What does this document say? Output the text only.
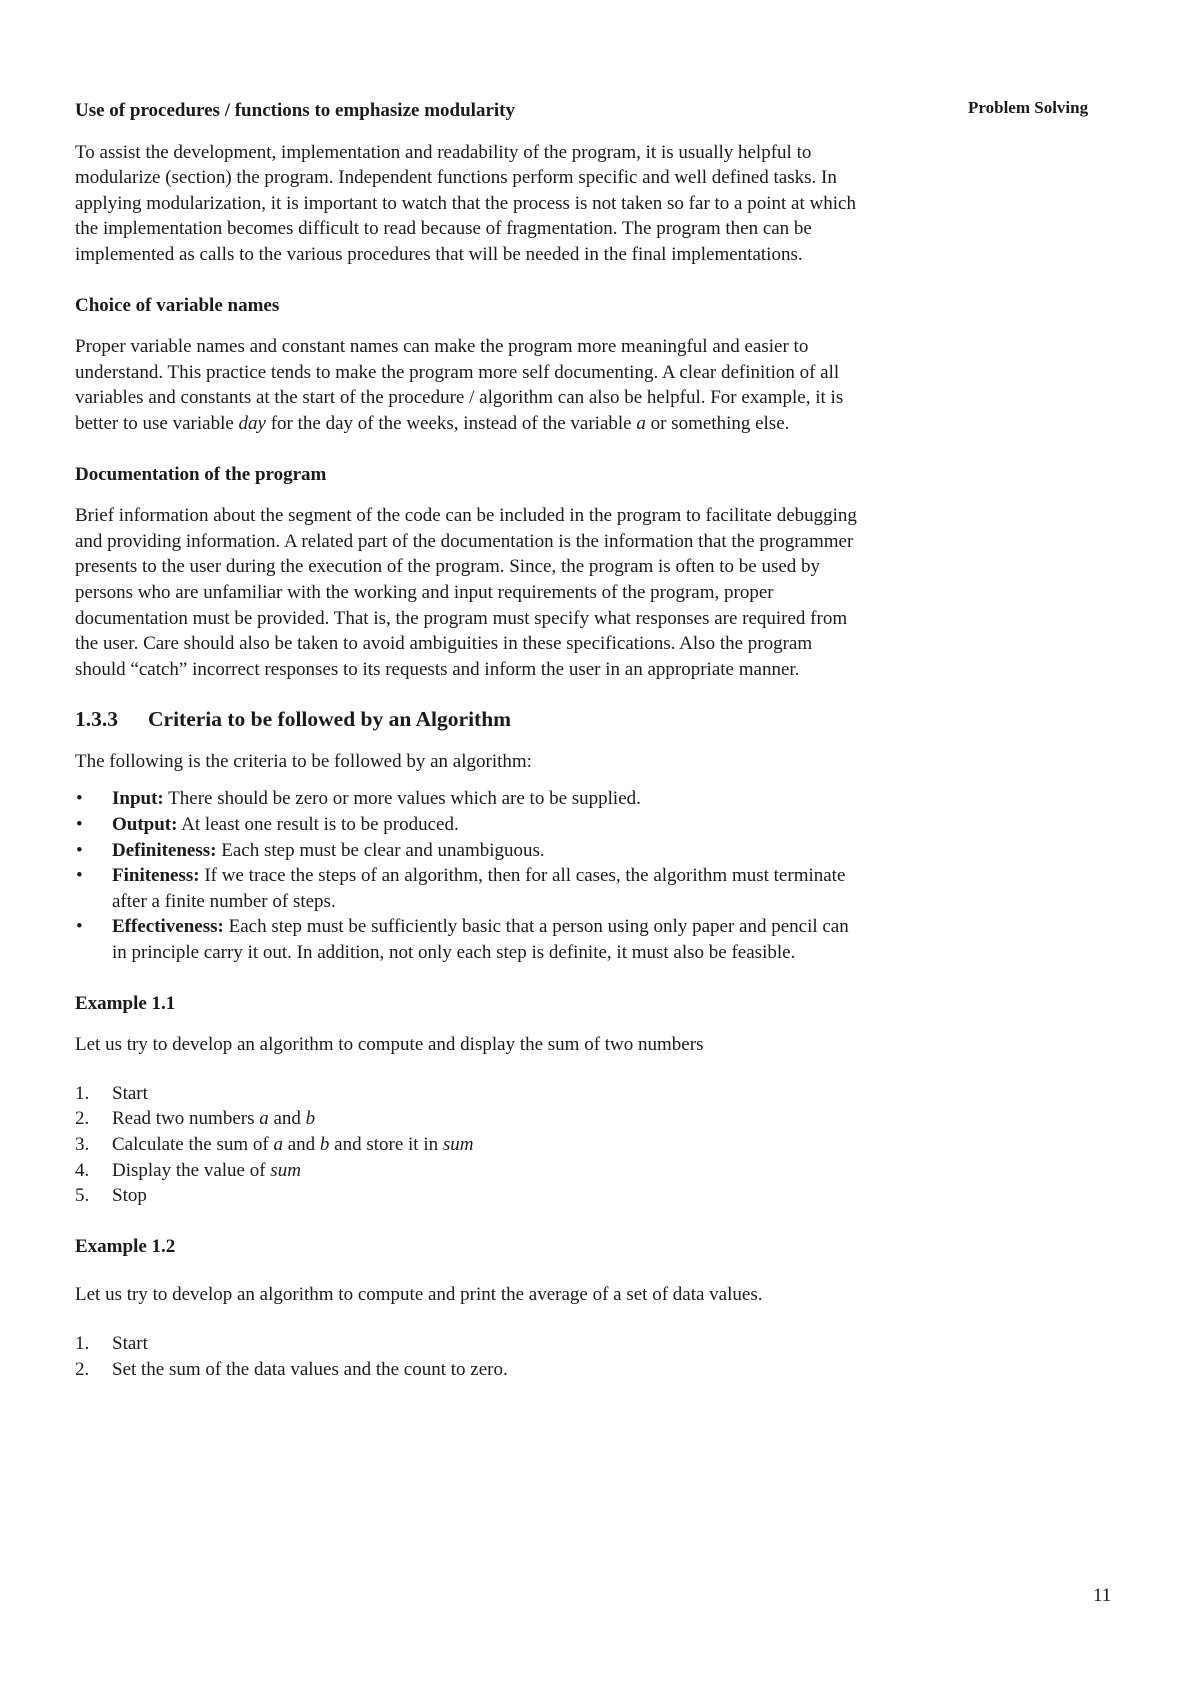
Problem Solving
Use of procedures / functions to emphasize modularity

To assist the development, implementation and readability of the program, it is usually helpful to modularize (section) the program. Independent functions perform specific and well defined tasks. In applying modularization, it is important to watch that the process is not taken so far to a point at which the implementation becomes difficult to read because of fragmentation. The program then can be implemented as calls to the various procedures that will be needed in the final implementations.

Choice of variable names

Proper variable names and constant names can make the program more meaningful and easier to understand. This practice tends to make the program more self documenting. A clear definition of all variables and constants at the start of the procedure / algorithm can also be helpful. For example, it is better to use variable day for the day of the weeks, instead of the variable a or something else.

Documentation of the program

Brief information about the segment of the code can be included in the program to facilitate debugging and providing information. A related part of the documentation is the information that the programmer presents to the user during the execution of the program. Since, the program is often to be used by persons who are unfamiliar with the working and input requirements of the program, proper documentation must be provided. That is, the program must specify what responses are required from the user. Care should also be taken to avoid ambiguities in these specifications. Also the program should “catch” incorrect responses to its requests and inform the user in an appropriate manner.

1.3.3 Criteria to be followed by an Algorithm

The following is the criteria to be followed by an algorithm:

• Input: There should be zero or more values which are to be supplied.
• Output: At least one result is to be produced.
• Definiteness: Each step must be clear and unambiguous.
• Finiteness: If we trace the steps of an algorithm, then for all cases, the algorithm must terminate after a finite number of steps.
• Effectiveness: Each step must be sufficiently basic that a person using only paper and pencil can in principle carry it out. In addition, not only each step is definite, it must also be feasible.
Example 1.1

Let us try to develop an algorithm to compute and display the sum of two numbers

1. Start
2. Read two numbers a and b
3. Calculate the sum of a and b and store it in sum
4. Display the value of sum
5. Stop
Example 1.2

Let us try to develop an algorithm to compute and print the average of a set of data values.

1. Start
2. Set the sum of the data values and the count to zero.
11
